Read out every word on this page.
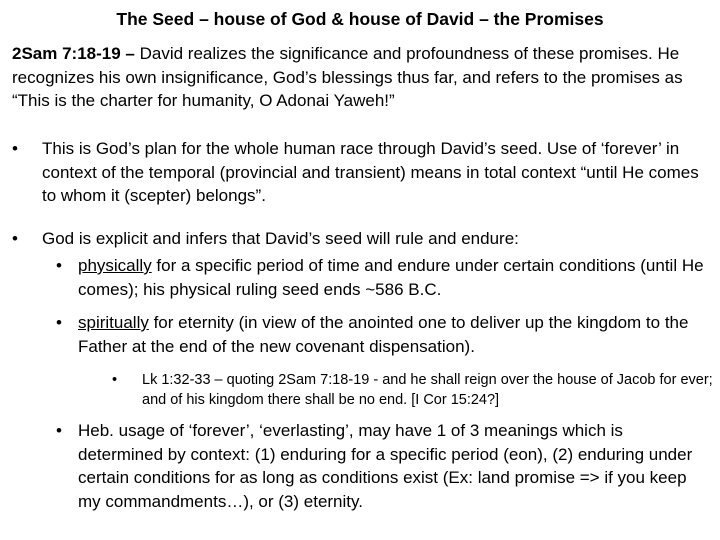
The Seed – house of God & house of David – the Promises
2Sam 7:18-19 – David realizes the significance and profoundness of these promises. He recognizes his own insignificance, God’s blessings thus far, and refers to the promises as “This is the charter for humanity, O Adonai Yaweh!”
• This is God’s plan for the whole human race through David’s seed. Use of ‘forever’ in context of the temporal (provincial and transient) means in total context “until He comes to whom it (scepter) belongs”.
• God is explicit and infers that David’s seed will rule and endure:
• physically for a specific period of time and endure under certain conditions (until He comes); his physical ruling seed ends ~586 B.C.
• spiritually for eternity (in view of the anointed one to deliver up the kingdom to the Father at the end of the new covenant dispensation).
• Lk 1:32-33 – quoting 2Sam 7:18-19 - and he shall reign over the house of Jacob for ever; and of his kingdom there shall be no end. [I Cor 15:24?]
• Heb. usage of ‘forever’, ‘everlasting’, may have 1 of 3 meanings which is determined by context: (1) enduring for a specific period (eon), (2) enduring under certain conditions for as long as conditions exist (Ex: land promise => if you keep my commandments…), or (3) eternity.
